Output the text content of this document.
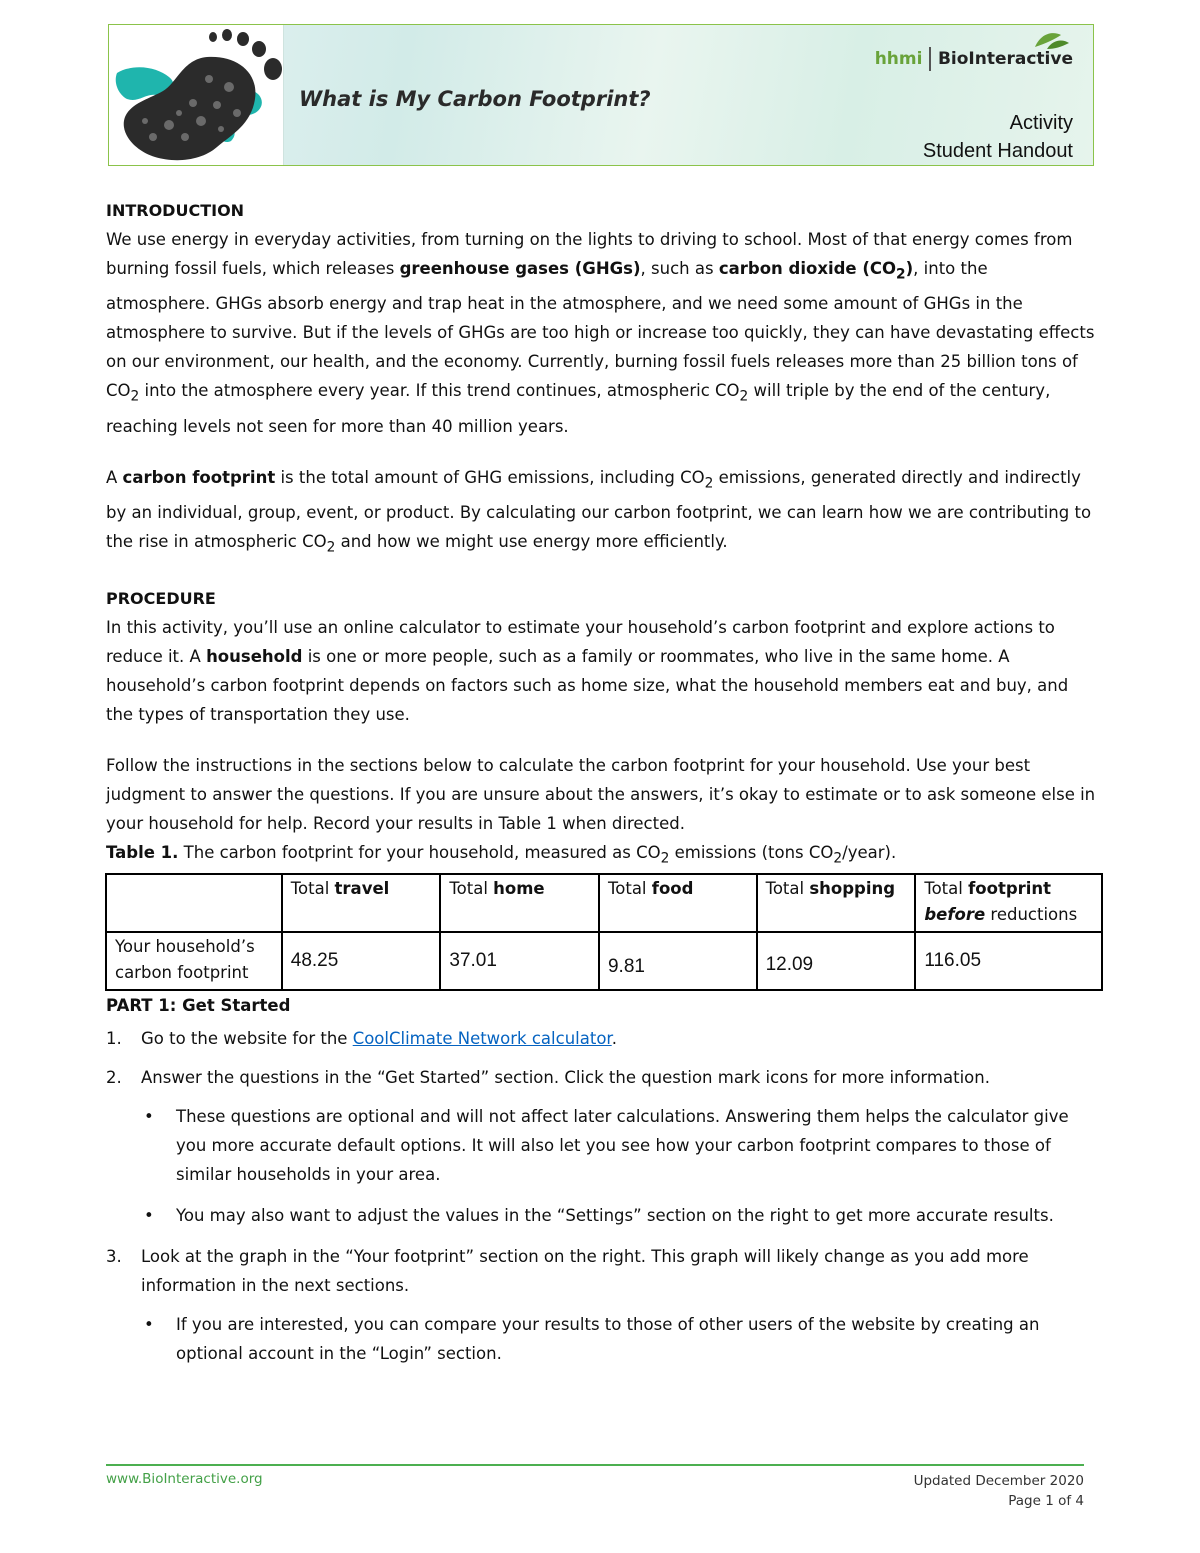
What is My Carbon Footprint?
hhmi BioInteractive
Activity
Student Handout

INTRODUCTION

We use energy in everyday activities, from turning on the lights to driving to school. Most of that energy comes from burning fossil fuels, which releases greenhouse gases (GHGs), such as carbon dioxide $(CO_2)$, into the atmosphere. GHGs absorb energy and trap heat in the atmosphere, and we need some amount of GHGs in the atmosphere to survive. But if the levels of GHGs are too high or increase too quickly, they can have devastating effects on our environment, our health, and the economy. Currently, burning fossil fuels releases more than 25 billion tons of $CO_2$ into the atmosphere every year. If this trend continues, atmospheric $CO_2$ will triple by the end of the century, reaching levels not seen for more than 40 million years.

A carbon footprint is the total amount of GHG emissions, including $CO_2$ emissions, generated directly and indirectly by an individual, group, event, or product. By calculating our carbon footprint, we can learn how we are contributing to the rise in atmospheric $CO_2$ and how we might use energy more efficiently.

PROCEDURE

In this activity, you’ll use an online calculator to estimate your household’s carbon footprint and explore actions to reduce it. A household is one or more people, such as a family or roommates, who live in the same home. A household’s carbon footprint depends on factors such as home size, what the household members eat and buy, and the types of transportation they use.

Follow the instructions in the sections below to calculate the carbon footprint for your household. Use your best judgment to answer the questions. If you are unsure about the answers, it’s okay to estimate or to ask someone else in your household for help. Record your results in Table 1 when directed.

Table 1. The carbon footprint for your household, measured as $CO_2$ emissions (tons $CO_2/year$).

	Total travel	Total home	Total food	Total shopping	Total footprint
before reductions
Your household’s carbon footprint	48.25	37.01	9.81	12.09	116.05

PART 1: Get Started

1. Go to the website for the CoolClimate Network calculator.
2. Answer the questions in the “Get Started” section. Click the question mark icons for more information.
• These questions are optional and will not affect later calculations. Answering them helps the calculator give you more accurate default options. It will also let you see how your carbon footprint compares to those of similar households in your area.
• You may also want to adjust the values in the “Settings” section on the right to get more accurate results.
3. Look at the graph in the “Your footprint” section on the right. This graph will likely change as you add more information in the next sections.
• If you are interested, you can compare your results to those of other users of the website by creating an optional account in the “Login” section.
www.BioInteractive.org	Updated December 2020
Page 1 of 4
